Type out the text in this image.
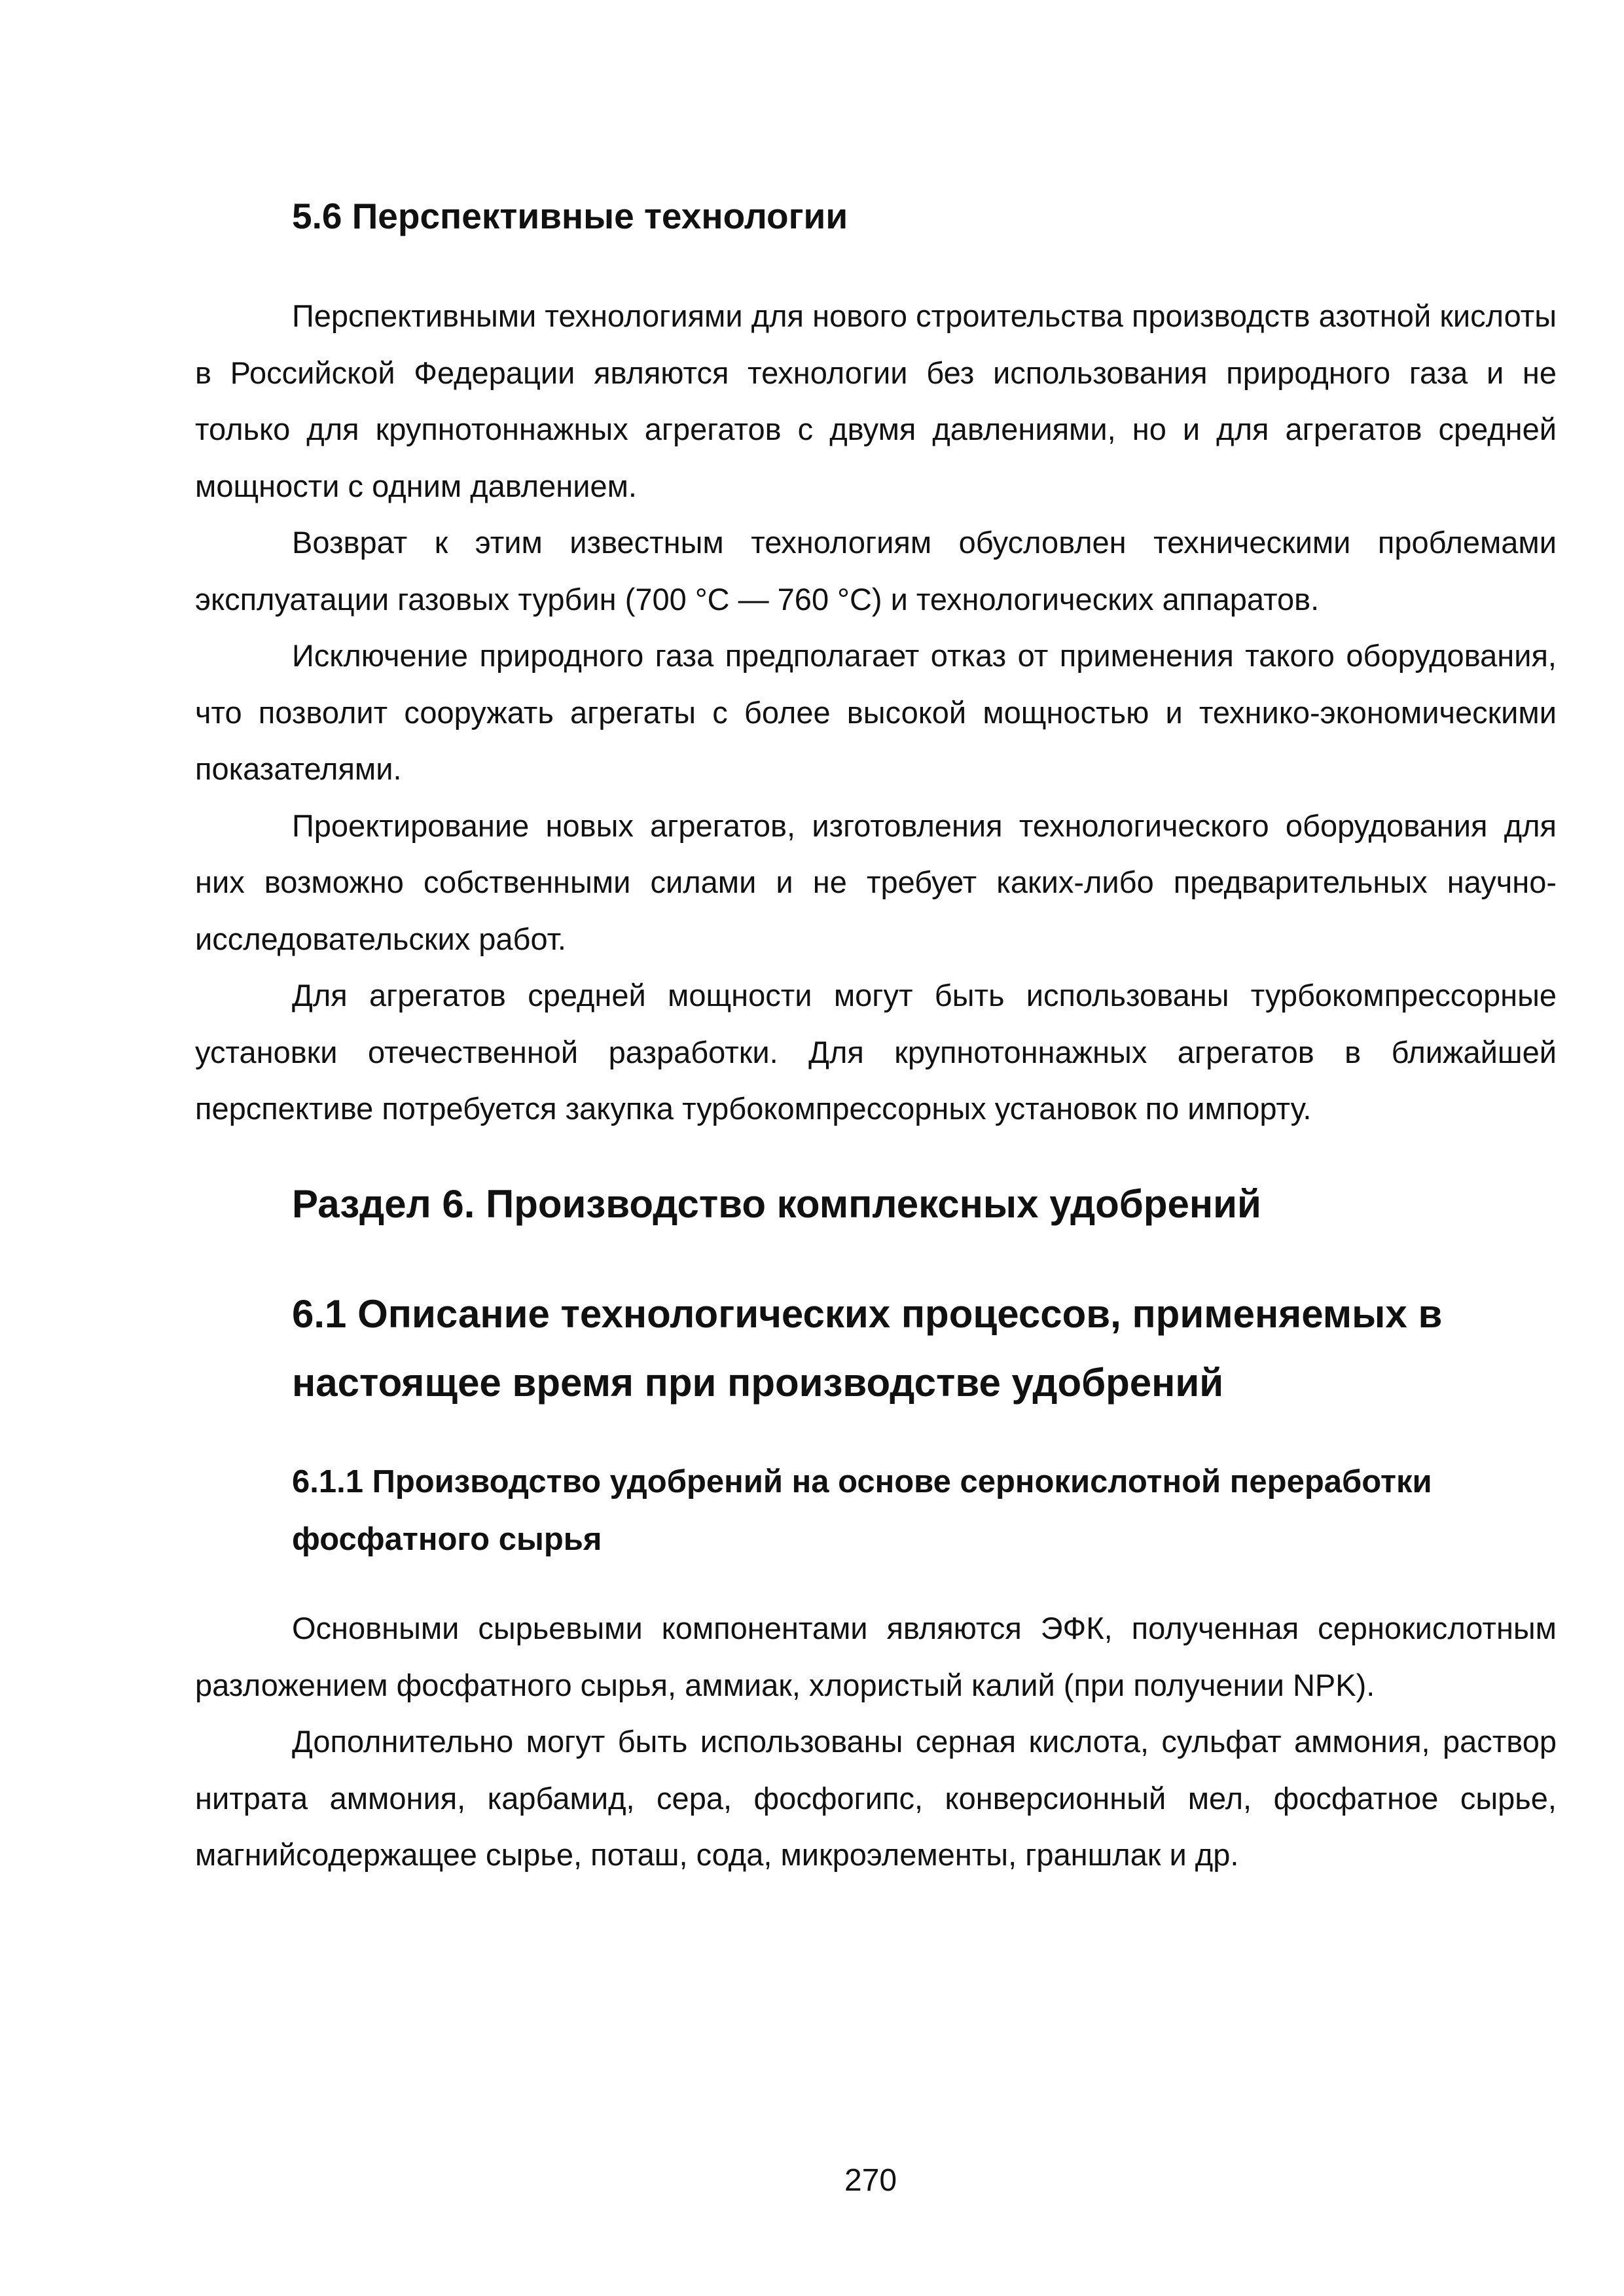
5.6 Перспективные технологии

Перспективными технологиями для нового строительства производств азотной кислоты в Российской Федерации являются технологии без использования природного газа и не только для крупнотоннажных агрегатов с двумя давлениями, но и для агрегатов средней мощности с одним давлением.

Возврат к этим известным технологиям обусловлен техническими проблемами эксплуатации газовых турбин (700 °С — 760 °С) и технологических аппаратов.

Исключение природного газа предполагает отказ от применения такого оборудования, что позволит сооружать агрегаты с более высокой мощностью и технико-экономическими показателями.

Проектирование новых агрегатов, изготовления технологического оборудования для них возможно собственными силами и не требует каких-либо предварительных научно-исследовательских работ.

Для агрегатов средней мощности могут быть использованы турбокомпрессорные установки отечественной разработки. Для крупнотоннажных агрегатов в ближайшей перспективе потребуется закупка турбокомпрессорных установок по импорту.

Раздел 6. Производство комплексных удобрений
6.1 Описание технологических процессов, применяемых в настоящее время при производстве удобрений
6.1.1 Производство удобрений на основе сернокислотной переработки фосфатного сырья

Основными сырьевыми компонентами являются ЭФК, полученная сернокислотным разложением фосфатного сырья, аммиак, хлористый калий (при получении NPK).

Дополнительно могут быть использованы серная кислота, сульфат аммония, раствор нитрата аммония, карбамид, сера, фосфогипс, конверсионный мел, фосфатное сырье, магнийсодержащее сырье, поташ, сода, микроэлементы, граншлак и др.

270
